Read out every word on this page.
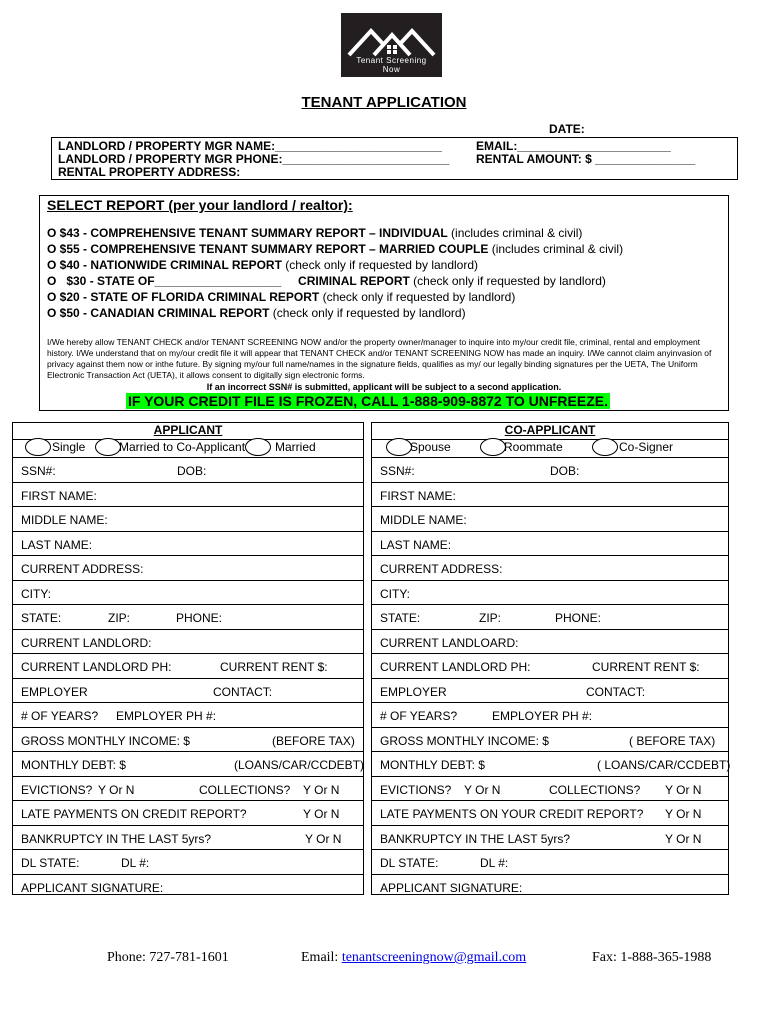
Tenant Screening
Now
TENANT APPLICATION
DATE:
LANDLORD / PROPERTY MGR NAME:_________________________	EMAIL:_______________________
LANDLORD / PROPERTY MGR PHONE:_________________________ RENTAL AMOUNT: $ _______________
RENTAL PROPERTY ADDRESS:
SELECT REPORT (per your landlord / realtor):
O $43 - COMPREHENSIVE TENANT SUMMARY REPORT – INDIVIDUAL (includes criminal & civil)
O $55 - COMPREHENSIVE TENANT SUMMARY REPORT – MARRIED COUPLE (includes criminal & civil)
O $40 - NATIONWIDE CRIMINAL REPORT (check only if requested by landlord)
O   $30 - STATE OF___________________     CRIMINAL REPORT (check only if requested by landlord)
O $20 - STATE OF FLORIDA CRIMINAL REPORT (check only if requested by landlord)
O $50 - CANADIAN CRIMINAL REPORT (check only if requested by landlord)
I/We hereby allow TENANT CHECK and/or TENANT SCREENING NOW and/or the property owner/manager to inquire into my/our credit file, criminal, rental and employment history. I/We understand that on my/our credit file it will appear that TENANT CHECK and/or TENANT SCREENING NOW has made an inquiry. I/We cannot claim anyinvasion of privacy against them now or inthe future. By signing my/our full name/names in the signature fields, qualifies as my/ our legally binding signatures per the UETA, The Uniform Electronic Transaction Act (UETA), it allows consent to digitally sign electronic forms.
If an incorrect SSN# is submitted, applicant will be subject to a second application.
IF YOUR CREDIT FILE IS FROZEN, CALL 1-888-909-8872 TO UNFREEZE.
APPLICANT
Single	Married to Co-Applicant Married
SSN#:	DOB:
FIRST NAME:
MIDDLE NAME:
LAST NAME:
CURRENT ADDRESS:
CITY:
STATE:	ZIP:	PHONE:
CURRENT LANDLORD:
CURRENT LANDLORD PH:	CURRENT RENT $:
EMPLOYER	CONTACT:
# OF YEARS? EMPLOYER PH #:
GROSS MONTHLY INCOME: $	(BEFORE TAX)
MONTHLY DEBT: $	(LOANS/CAR/CCDEBT)
EVICTIONS? Y Or N	COLLECTIONS? Y Or N
LATE PAYMENTS ON CREDIT REPORT?	Y Or N
BANKRUPTCY IN THE LAST 5yrs?	Y Or N
DL STATE:	DL #:
APPLICANT SIGNATURE:
CO-APPLICANT
Spouse	Roommate	Co-Signer
SSN#:	DOB:
FIRST NAME:
MIDDLE NAME:
LAST NAME:
CURRENT ADDRESS:
CITY:
STATE:	ZIP:	PHONE:
CURRENT LANDLOARD:
CURRENT LANDLORD PH:	CURRENT RENT $:
EMPLOYER	CONTACT:
# OF YEARS?	EMPLOYER PH #:
GROSS MONTHLY INCOME: $	( BEFORE TAX)
MONTHLY DEBT: $	( LOANS/CAR/CCDEBT)
EVICTIONS? Y Or N	COLLECTIONS? Y Or N
LATE PAYMENTS ON YOUR CREDIT REPORT? Y Or N
BANKRUPTCY IN THE LAST 5yrs?	Y Or N
DL STATE:	DL #:
APPLICANT SIGNATURE:
Phone: 727-781-1601	Email: tenantscreeningnow@gmail.com	Fax: 1-888-365-1988
